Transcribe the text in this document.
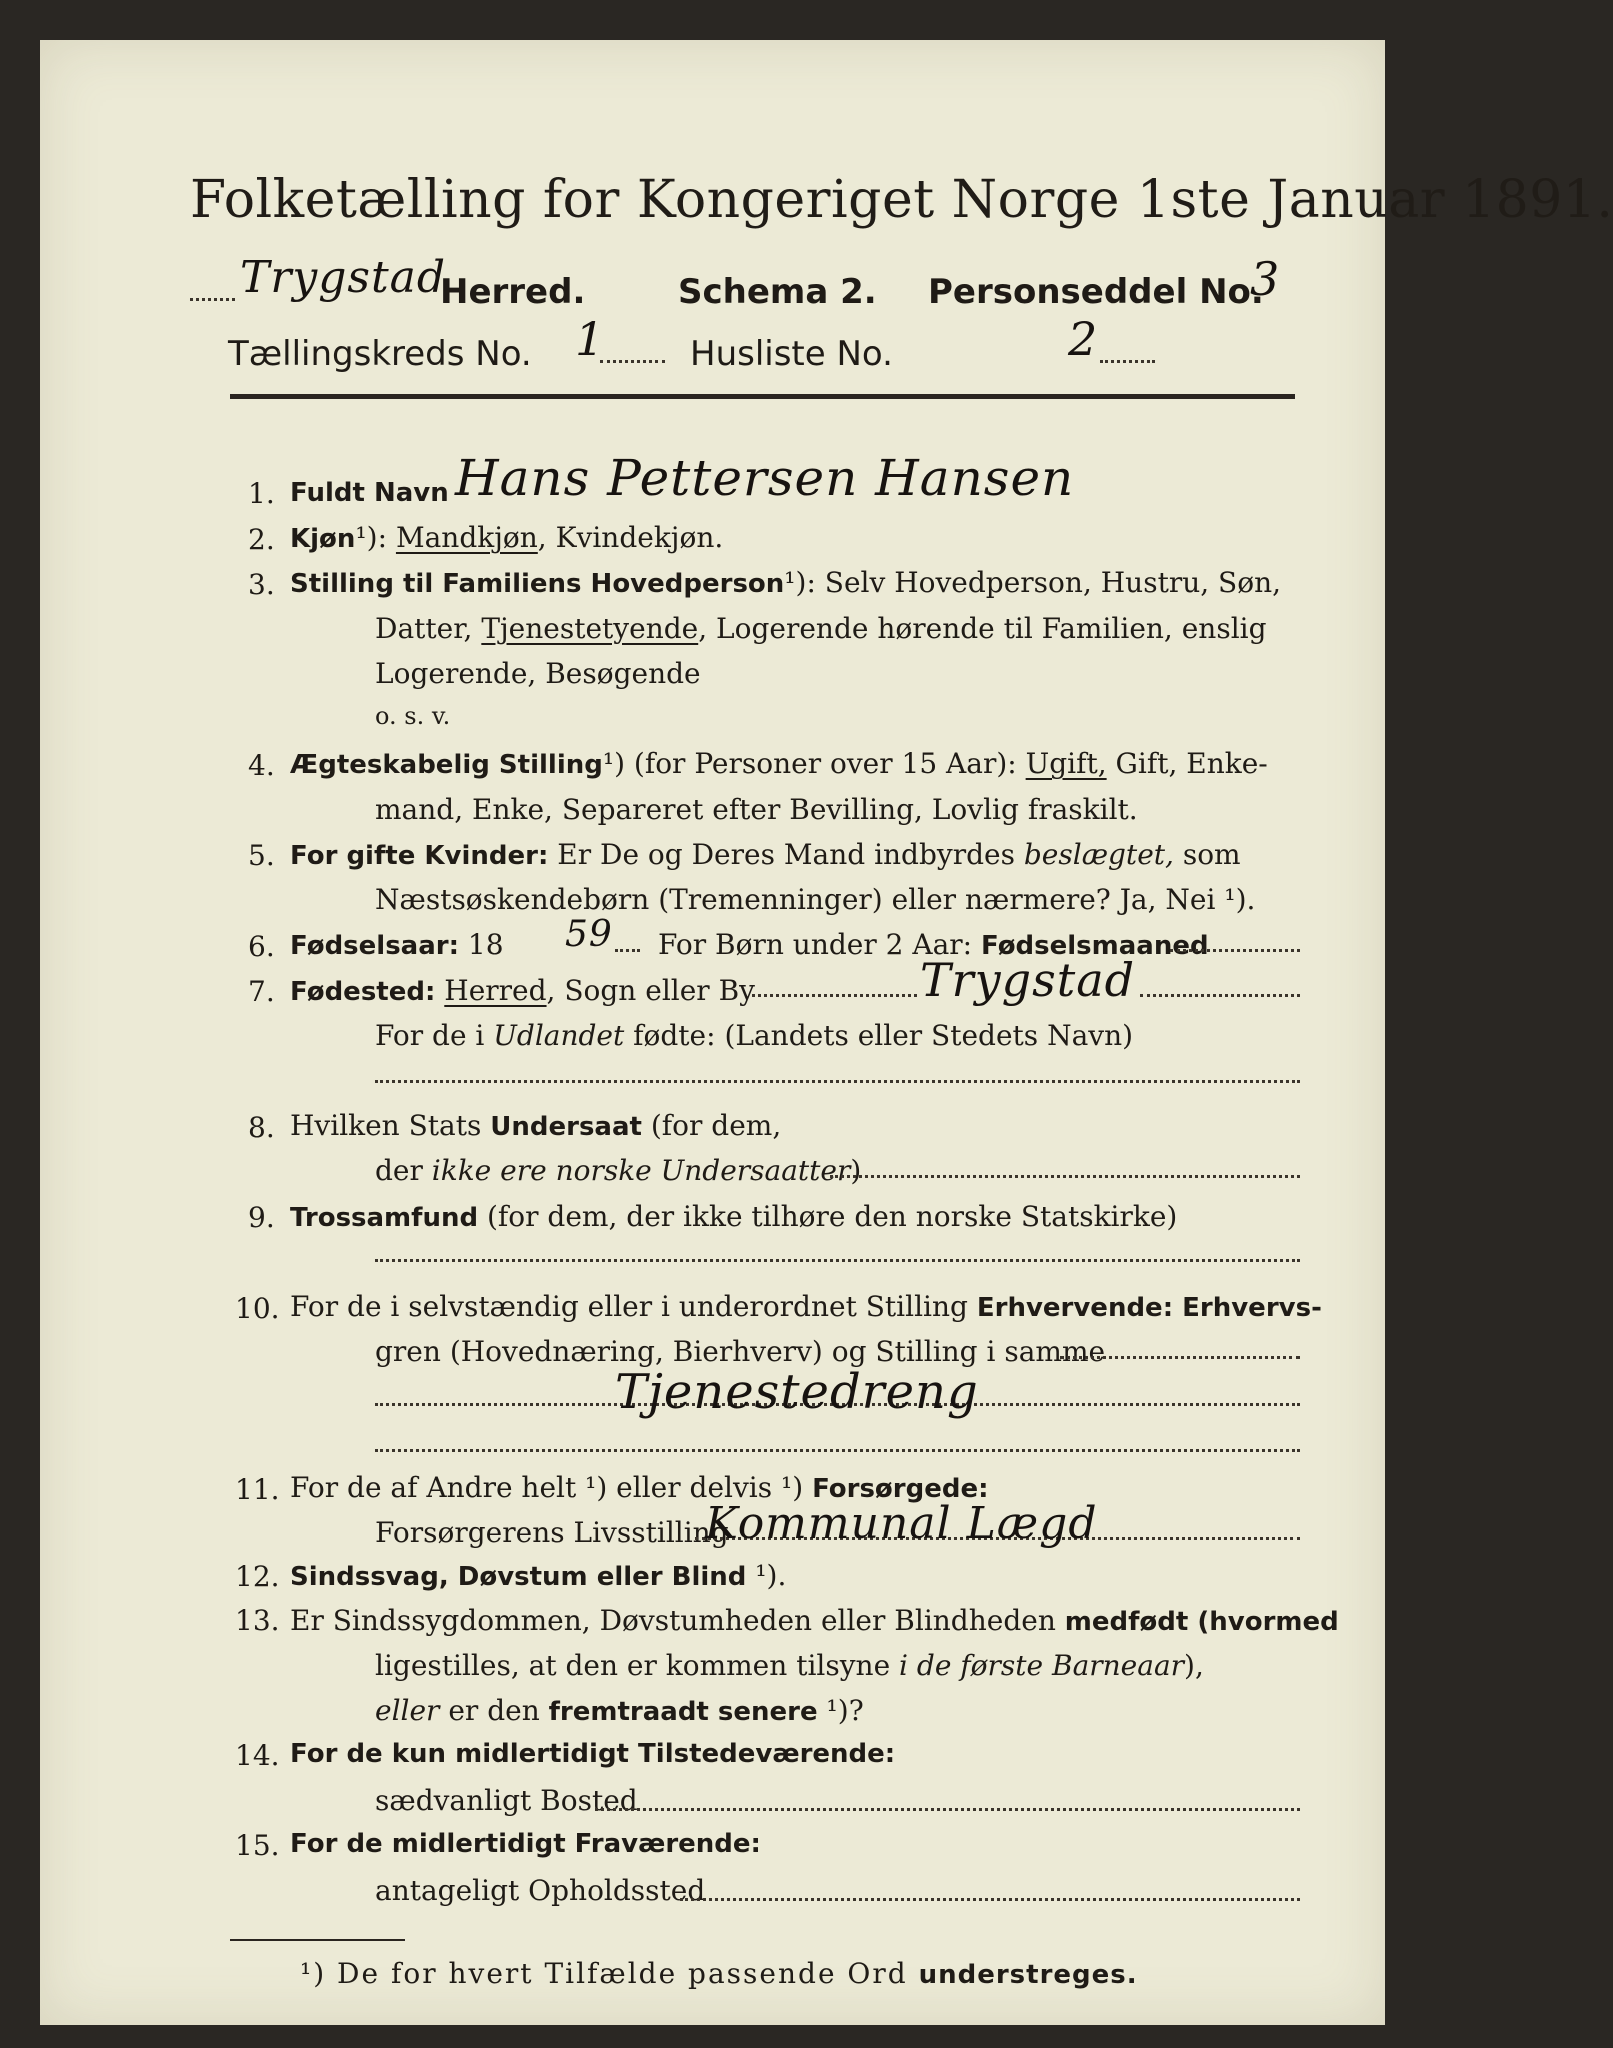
Folketælling for Kongeriget Norge 1ste Januar 1891.
Trygstad
Herred.	Schema 2. Personseddel No.
3
Tællingskreds No. 1 Husliste No.	2
1. Fuldt Navn Hans Pettersen Hansen
2. Kjøn¹): Mandkjøn, Kvindekjøn.
3. Stilling til Familiens Hovedperson¹): Selv Hovedperson, Hustru, Søn,
Datter, Tjenestetyende, Logerende hørende til Familien, enslig
Logerende, Besøgende
o. s. v.
4. Ægteskabelig Stilling¹) (for Personer over 15 Aar): Ugift, Gift, Enke-
mand, Enke, Separeret efter Bevilling, Lovlig fraskilt.
5. For gifte Kvinder: Er De og Deres Mand indbyrdes beslægtet, som
Næstsøskendebørn (Tremenninger) eller nærmere? Ja, Nei ¹).
6. Fødselsaar: 18 59 For Børn under 2 Aar: Fødselsmaaned
7. Fødested: Herred, Sogn eller By	Trygstad
For de i Udlandet fødte: (Landets eller Stedets Navn)
8. Hvilken Stats Undersaat (for dem,
der ikke ere norske Undersaatter)
9. Trossamfund (for dem, der ikke tilhøre den norske Statskirke)
10. For de i selvstændig eller i underordnet Stilling Erhvervende: Erhvervs-
gren (Hovednæring, Bierhverv) og Stilling i samme
Tjenestedreng
11. For de af Andre helt ¹) eller delvis ¹) Forsørgede:
Forsørgerens Livsstilling
Kommunal Lægd
12. Sindssvag, Døvstum eller Blind ¹).
13. Er Sindssygdommen, Døvstumheden eller Blindheden medfødt (hvormed
ligestilles, at den er kommen tilsyne i de første Barneaar),
eller er den fremtraadt senere ¹)?
14. For de kun midlertidigt Tilstedeværende:
sædvanligt Bosted
15. For de midlertidigt Fraværende:
antageligt Opholdssted
¹) De for hvert Tilfælde passende Ord understreges.
